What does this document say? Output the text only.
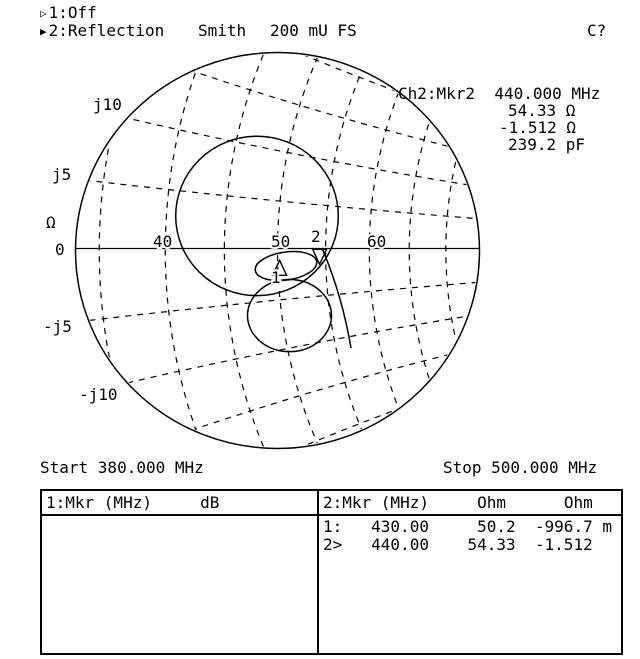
▷ 1:Off
▶ 2:Reflection Smith 200 mU FS	C?
Ch2:Mkr2  440.000 MHz
54.33 Ω
-1.512 Ω
239.2 pF
j10
j5
Ω
0
-j5
-j10
40	50	60
2
1
Start 380.000 MHz	Stop 500.000 MHz
1:Mkr (MHz)     dB	2:Mkr (MHz)     Ohm      Ohm
1:	430.00	50.2	-996.7 m
2>	440.00	54.33	-1.512
